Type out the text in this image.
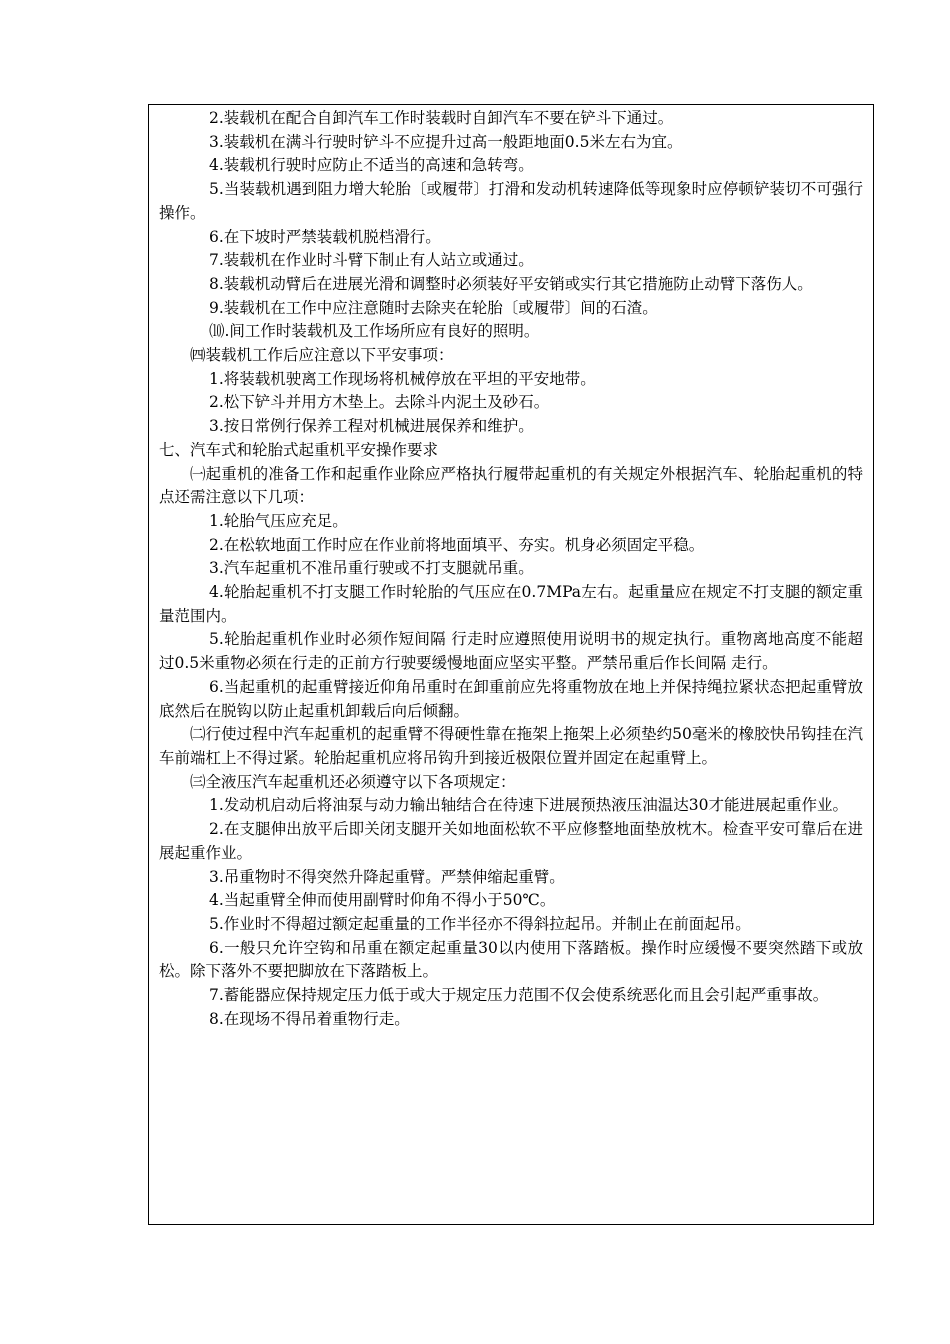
2.装载机在配合自卸汽车工作时装载时自卸汽车不要在铲斗下通过。

3.装载机在满斗行驶时铲斗不应提升过高一般距地面0.5米左右为宜。

4.装载机行驶时应防止不适当的高速和急转弯。

5.当装载机遇到阻力增大轮胎〔或履带〕打滑和发动机转速降低等现象时应停顿铲装切不可强行操作。

6.在下坡时严禁装载机脱档滑行。

7.装载机在作业时斗臂下制止有人站立或通过。

8.装载机动臂后在进展光滑和调整时必须装好平安销或实行其它措施防止动臂下落伤人。

9.装载机在工作中应注意随时去除夹在轮胎〔或履带〕间的石渣。

⑽.间工作时装载机及工作场所应有良好的照明。

㈣装载机工作后应注意以下平安事项：

1.将装载机驶离工作现场将机械停放在平坦的平安地带。

2.松下铲斗并用方木垫上。去除斗内泥土及砂石。

3.按日常例行保养工程对机械进展保养和维护。

七、汽车式和轮胎式起重机平安操作要求

㈠起重机的准备工作和起重作业除应严格执行履带起重机的有关规定外根据汽车、轮胎起重机的特点还需注意以下几项：

1.轮胎气压应充足。

2.在松软地面工作时应在作业前将地面填平、夯实。机身必须固定平稳。

3.汽车起重机不准吊重行驶或不打支腿就吊重。

4.轮胎起重机不打支腿工作时轮胎的气压应在0.7MPa左右。起重量应在规定不打支腿的额定重量范围内。

5.轮胎起重机作业时必须作短间隔 行走时应遵照使用说明书的规定执行。重物离地高度不能超过0.5米重物必须在行走的正前方行驶要缓慢地面应坚实平整。严禁吊重后作长间隔 走行。

6.当起重机的起重臂接近仰角吊重时在卸重前应先将重物放在地上并保持绳拉紧状态把起重臂放底然后在脱钩以防止起重机卸载后向后倾翻。

㈡行使过程中汽车起重机的起重臂不得硬性靠在拖架上拖架上必须垫约50毫米的橡胶快吊钩挂在汽车前端杠上不得过紧。轮胎起重机应将吊钩升到接近极限位置并固定在起重臂上。

㈢全液压汽车起重机还必须遵守以下各项规定：

1.发动机启动后将油泵与动力输出轴结合在待速下进展预热液压油温达30才能进展起重作业。

2.在支腿伸出放平后即关闭支腿开关如地面松软不平应修整地面垫放枕木。检查平安可靠后在进展起重作业。

3.吊重物时不得突然升降起重臂。严禁伸缩起重臂。

4.当起重臂全伸而使用副臂时仰角不得小于50℃。

5.作业时不得超过额定起重量的工作半径亦不得斜拉起吊。并制止在前面起吊。

6.一般只允许空钩和吊重在额定起重量30以内使用下落踏板。操作时应缓慢不要突然踏下或放松。除下落外不要把脚放在下落踏板上。

7.蓄能器应保持规定压力低于或大于规定压力范围不仅会使系统恶化而且会引起严重事故。

8.在现场不得吊着重物行走。
